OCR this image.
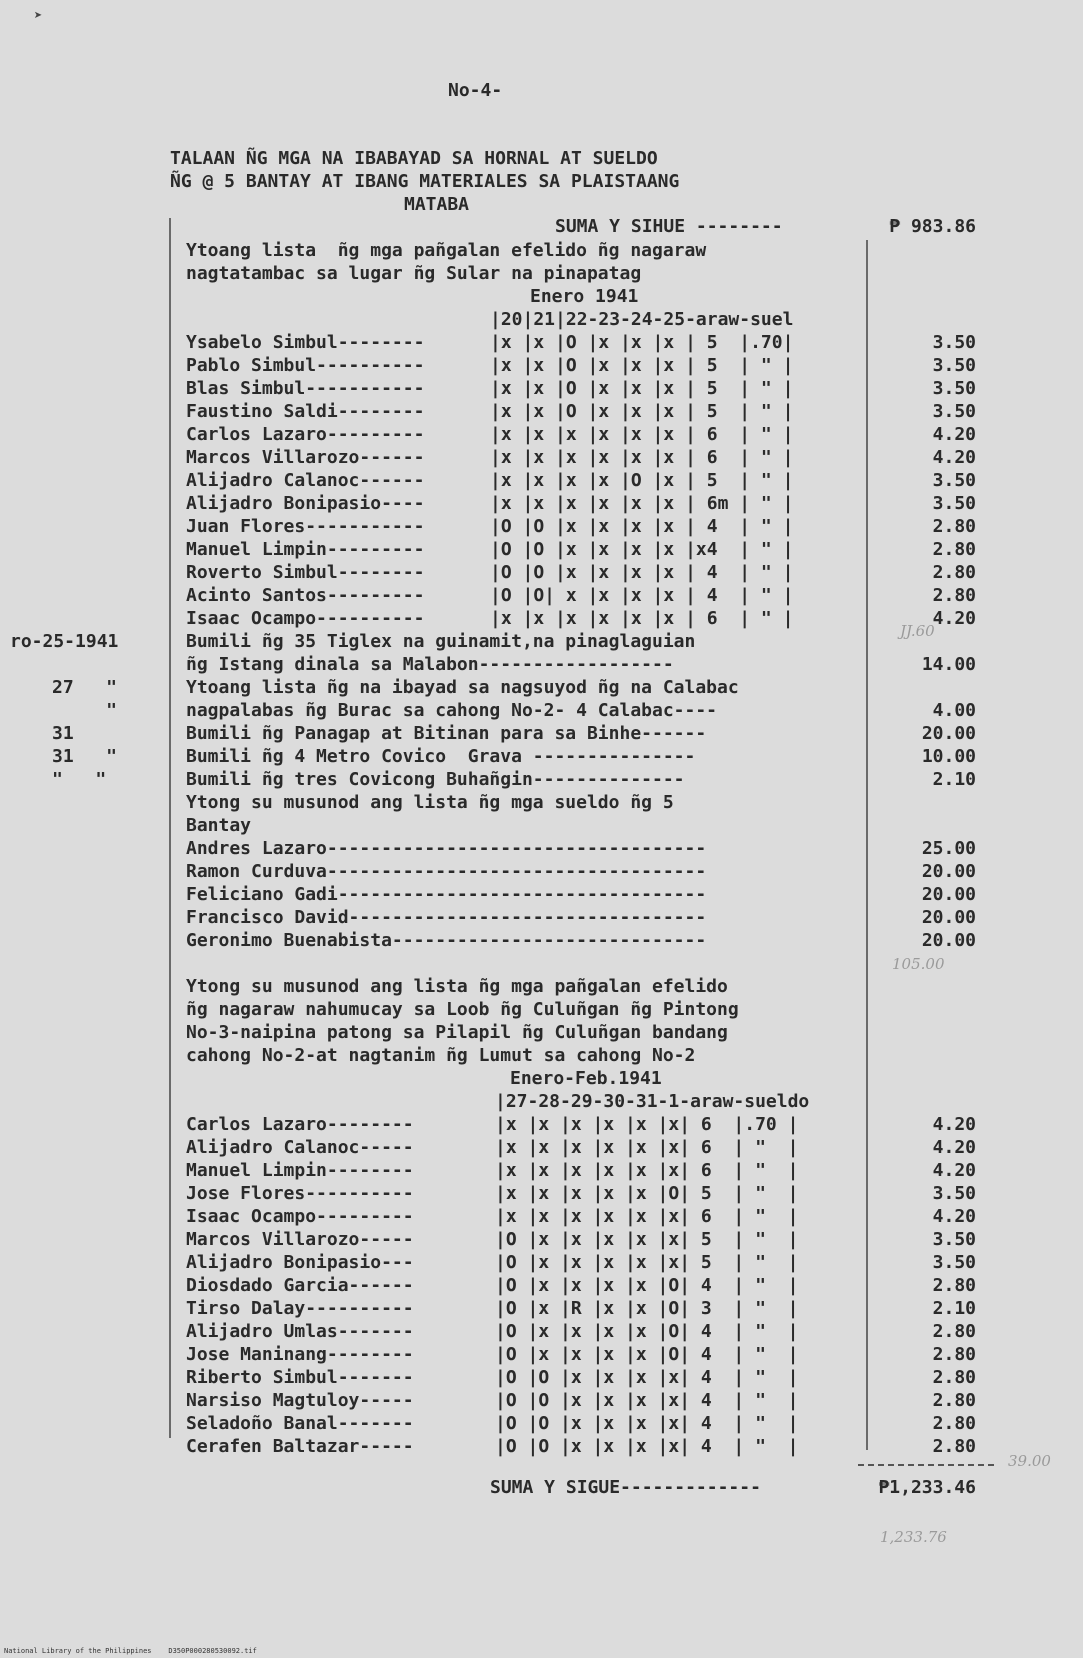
➤
No-4-
TALAAN ÑG MGA NA IBABAYAD SA HORNAL AT SUELDO
ÑG @ 5 BANTAY AT IBANG MATERIALES SA PLAISTAANG
MATABA
SUMA Y SIHUE --------	₱ 983.86
Ytoang lista  ñg mga pañgalan efelido ñg nagaraw
nagtatambac sa lugar ñg Sular na pinapatag
Enero 1941
|20|21|22-23-24-25-araw-suel
Ysabelo Simbul--------	|x |x |O |x |x |x | 5  |.70|	3.50
Pablo Simbul----------	|x |x |O |x |x |x | 5  | " |	3.50
Blas Simbul-----------	|x |x |O |x |x |x | 5  | " |	3.50
Faustino Saldi--------	|x |x |O |x |x |x | 5  | " |	3.50
Carlos Lazaro---------	|x |x |x |x |x |x | 6  | " |	4.20
Marcos Villarozo------	|x |x |x |x |x |x | 6  | " |	4.20
Alijadro Calanoc------	|x |x |x |x |O |x | 5  | " |	3.50
Alijadro Bonipasio----	|x |x |x |x |x |x | 6m | " |	3.50
Juan Flores-----------	|O |O |x |x |x |x | 4  | " |	2.80
Manuel Limpin---------	|O |O |x |x |x |x |x4  | " |	2.80
Roverto Simbul--------	|O |O |x |x |x |x | 4  | " |	2.80
Acinto Santos---------	|O |O| x |x |x |x | 4  | " |	2.80
Isaac Ocampo----------	|x |x |x |x |x |x | 6  | " |	4.20
ro-25-1941	Bumili ñg 35 Tiglex na guinamit,na pinaglaguian
ñg Istang dinala sa Malabon------------------	14.00
27   "	Ytoang lista ñg na ibayad sa nagsuyod ñg na Calabac
"	nagpalabas ñg Burac sa cahong No-2- 4 Calabac----	4.00
31	Bumili ñg Panagap at Bitinan para sa Binhe------	20.00
31   "	Bumili ñg 4 Metro Covico  Grava ---------------	10.00
"   "	Bumili ñg tres Covicong Buhañgin--------------	2.10
Ytong su musunod ang lista ñg mga sueldo ñg 5
Bantay
Andres Lazaro-----------------------------------	25.00
Ramon Curduva-----------------------------------	20.00
Feliciano Gadi----------------------------------	20.00
Francisco David---------------------------------	20.00
Geronimo Buenabista-----------------------------	20.00
Ytong su musunod ang lista ñg mga pañgalan efelido
ñg nagaraw nahumucay sa Loob ñg Culuñgan ñg Pintong
No-3-naipina patong sa Pilapil ñg Culuñgan bandang
cahong No-2-at nagtanim ñg Lumut sa cahong No-2
Enero-Feb.1941
|27-28-29-30-31-1-araw-sueldo
Carlos Lazaro--------	|x |x |x |x |x |x| 6  |.70 |	4.20
Alijadro Calanoc-----	|x |x |x |x |x |x| 6  | "  |	4.20
Manuel Limpin--------	|x |x |x |x |x |x| 6  | "  |	4.20
Jose Flores----------	|x |x |x |x |x |O| 5  | "  |	3.50
Isaac Ocampo---------	|x |x |x |x |x |x| 6  | "  |	4.20
Marcos Villarozo-----	|O |x |x |x |x |x| 5  | "  |	3.50
Alijadro Bonipasio---	|O |x |x |x |x |x| 5  | "  |	3.50
Diosdado Garcia------	|O |x |x |x |x |O| 4  | "  |	2.80
Tirso Dalay----------	|O |x |R |x |x |O| 3  | "  |	2.10
Alijadro Umlas-------	|O |x |x |x |x |O| 4  | "  |	2.80
Jose Maninang--------	|O |x |x |x |x |O| 4  | "  |	2.80
Riberto Simbul-------	|O |O |x |x |x |x| 4  | "  |	2.80
Narsiso Magtuloy-----	|O |O |x |x |x |x| 4  | "  |	2.80
Seladoño Banal-------	|O |O |x |x |x |x| 4  | "  |	2.80
Cerafen Baltazar-----	|O |O |x |x |x |x| 4  | "  |	2.80
SUMA Y SIGUE-------------	₱1,233.46
JJ.60
105.00
39.00
1,233.76
National Library of the Philippines    D350P000280530092.tif
